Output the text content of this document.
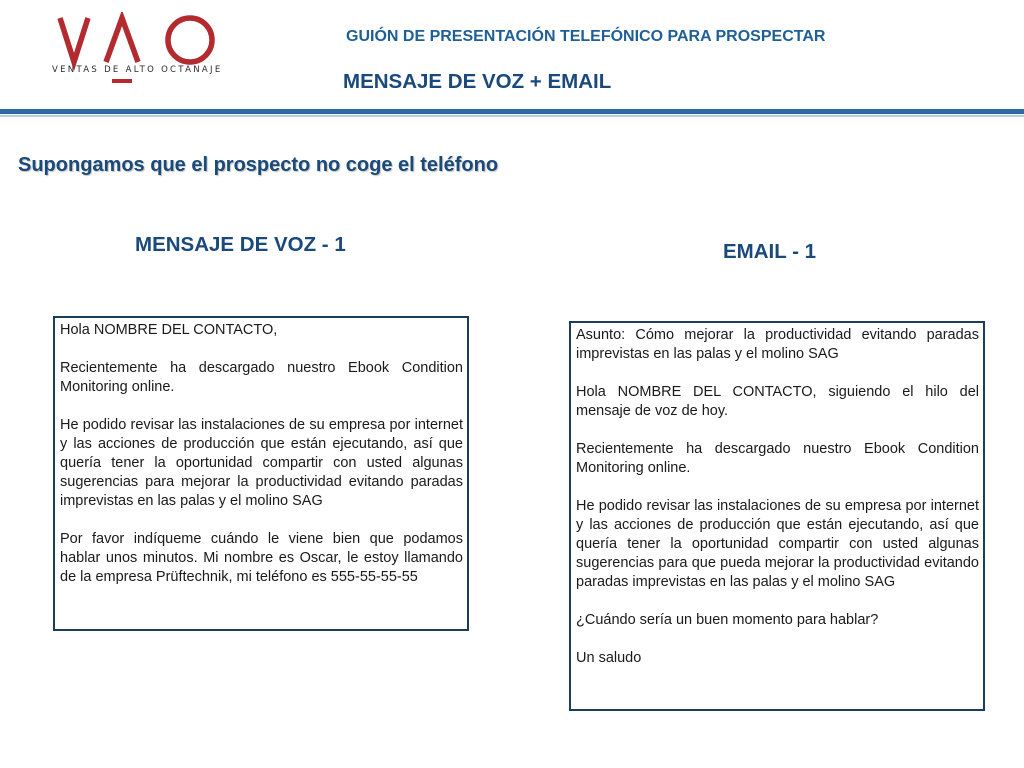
VENTAS DE ALTO OCTANAJE
GUIÓN DE PRESENTACIÓN TELEFÓNICO PARA PROSPECTAR
MENSAJE DE VOZ + EMAIL
Supongamos que el prospecto no coge el teléfono
MENSAJE DE VOZ - 1	EMAIL - 1

Hola NOMBRE DEL CONTACTO,

Recientemente ha descargado nuestro Ebook Condition Monitoring online.

He podido revisar las instalaciones de su empresa por internet y las acciones de producción que están ejecutando, así que quería tener la oportunidad compartir con usted algunas sugerencias para mejorar la productividad evitando paradas imprevistas en las palas y el molino SAG

Por favor indíqueme cuándo le viene bien que podamos hablar unos minutos. Mi nombre es Oscar, le estoy llamando de la empresa Prüftechnik, mi teléfono es 555-55-55-55

Asunto: Cómo mejorar la productividad evitando paradas imprevistas en las palas y el molino SAG

Hola NOMBRE DEL CONTACTO, siguiendo el hilo del mensaje de voz de hoy.

Recientemente ha descargado nuestro Ebook Condition Monitoring online.

He podido revisar las instalaciones de su empresa por internet y las acciones de producción que están ejecutando, así que quería tener la oportunidad compartir con usted algunas sugerencias para que pueda mejorar la productividad evitando paradas imprevistas en las palas y el molino SAG

¿Cuándo sería un buen momento para hablar?

Un saludo
